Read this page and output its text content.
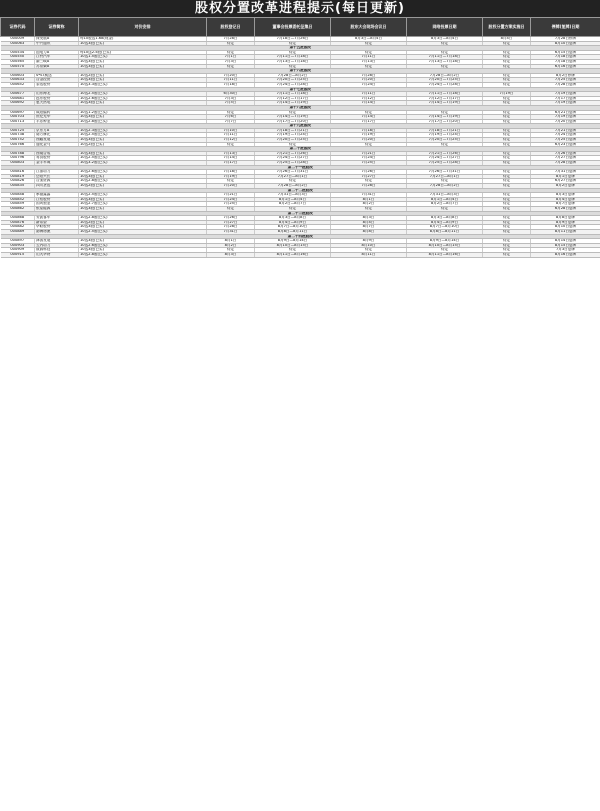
股权分置改革进程提示(每日更新)
证券代码	证券简称	对价安排	股权登记日	董事会投票委托征集日	股东大会现场会议日	网络投票日期	股权分置方案实施日	停牌(复牌)日期
000009	深发展A	每10股送1.68(现金)	7月28日	7月18日—7月26日	8月3日—8月4日	8月3日—8月4日	8月4日	7月28日停牌
000063	中兴通讯	10送3股(已实)	待定	待定	待定	待定	待定	8月10日复牌
第十五批股改								
000534	汕电力A	每10送2.5股(已实)	待定	待定	待定	待定	待定	6月15日复牌
000550	江铃汽车	10送1.5股(已实)	7月1日	7月11日—7月18日	7月11日	7月11日—7月18日	待定	7月18日复牌
000565	渝三峡A	10送3股(已实)	7月3日	7月13日—7月18日	7月13日	7月13日—7月18日	待定	7月18日复牌
000570	苏常柴A	10送3股(已实)	待定	待定	待定	待定	待定	6月16日复牌
第十六批股改								
000603	S*ST威达	10送2股(已实)	7月20日	7月28日—8月2日	7月28日	7月28日—8月2日	待定	8月2日停牌
000633	合金投资	10送3股(已实)	7月11日	7月20日—7月25日	7月20日	7月20日—7月25日	待定	7月25日复牌
000652	泰达股份	10送3.3股(已实)	7月18日	7月24日—7月28日	7月24日	7月24日—7月28日	待定	7月28日复牌
第十七批股改								
000677	山东海龙	10送2.5股(已实)	6月30日	7月11日—7月18日	7月11日	7月11日—7月18日	7月19日	7月19日复牌
000681	远东股份	10送2.6股(已实)	7月3日	7月12日—7月17日	7月12日	7月12日—7月17日	待定	7月17日复牌
000692	惠天热电	10送3股(已实)	7月5日	7月14日—7月19日	7月14日	7月14日—7月19日	待定	7月19日复牌
第十八批股改								
000697	咸阳偏转	10送1.2股(已实)	待定	待定	待定	待定	待定	6月21日复牌
000703	世纪光华	10送3股(已实)	7月6日	7月14日—7月19日	7月14日	7月14日—7月19日	待定	7月19日复牌
000713	丰乐种业	10送2.8股(已实)	7月7日	7月17日—7月20日	7月17日	7月17日—7月20日	待定	7月20日复牌
第十九批股改								
000725	京东方A	10送2.3股(已实)	7月10日	7月18日—7月21日	7月18日	7月18日—7月21日	待定	7月21日复牌
000738	南方摩托	10送2.5股(已实)	7月11日	7月19日—7月24日	7月19日	7月19日—7月24日	待定	7月24日复牌
000752	西藏发展	10送3股(已实)	7月12日	7月20日—7月25日	7月20日	7月20日—7月25日	待定	7月25日复牌
000766	通化金马	10送2股(已实)	待定	待定	待定	待定	待定	6月23日复牌
第二十批股改								
000788	西南合成	10送3股(已实)	7月13日	7月21日—7月26日	7月21日	7月21日—7月26日	待定	7月26日复牌
000796	易食股份	10送2.5股(已实)	7月14日	7月24日—7月27日	7月24日	7月24日—7月27日	待定	7月27日复牌
000803	金宇车城	10送3.2股(已实)	7月17日	7月25日—7月28日	7月25日	7月25日—7月28日	待定	7月28日复牌
第二十一批股改								
000816	江淮动力	10送2.6股(已实)	7月18日	7月26日—7月31日	7月26日	7月26日—7月31日	待定	7月31日复牌
000819	岳阳兴长	10送3股(已实)	7月19日	7月27日—8月1日	7月27日	7月27日—8月1日	待定	8月1日复牌
000826	合加资源	10送2.8股(已实)	待定	待定	待定	待定	待定	6月27日复牌
000835	四川圣达	10送2股(已实)	7月20日	7月28日—8月2日	7月28日	7月28日—8月2日	待定	8月2日复牌
第二十二批股改								
000848	承德露露	10送2.5股(已实)	7月21日	7月31日—8月3日	7月31日	7月31日—8月3日	待定	8月3日复牌
000852	江钻股份	10送3股(已实)	7月24日	8月1日—8月4日	8月1日	8月1日—8月4日	待定	8月4日复牌
000859	国风塑业	10送2.7股(已实)	7月25日	8月2日—8月7日	8月2日	8月2日—8月7日	待定	8月7日复牌
000862	银星能源	10送3股(已实)	待定	待定	待定	待定	待定	6月28日复牌
第二十三批股改								
000868	安凯客车	10送2.8股(已实)	7月26日	8月3日—8月8日	8月3日	8月3日—8月8日	待定	8月8日复牌
000876	新希望	10送2股(已实)	7月27日	8月4日—8月9日	8月4日	8月4日—8月9日	待定	8月9日复牌
000882	华联股份	10送3股(已实)	7月28日	8月7日—8月10日	8月7日	8月7日—8月10日	待定	8月10日复牌
000889	渤海物流	10送2.5股(已实)	7月31日	8月8日—8月11日	8月8日	8月8日—8月11日	待定	8月11日复牌
第二十四批股改								
000897	津滨发展	10送3股(已实)	8月1日	8月9日—8月14日	8月9日	8月9日—8月14日	待定	8月14日复牌
000903	云内动力	10送2.6股(已实)	8月2日	8月10日—8月15日	8月10日	8月10日—8月15日	待定	8月15日复牌
000909	数源科技	10送3股(已实)	待定	待定	待定	待定	待定	7月3日复牌
000915	山大华特	10送2.8股(已实)	8月3日	8月11日—8月16日	8月11日	8月11日—8月16日	待定	8月16日复牌
